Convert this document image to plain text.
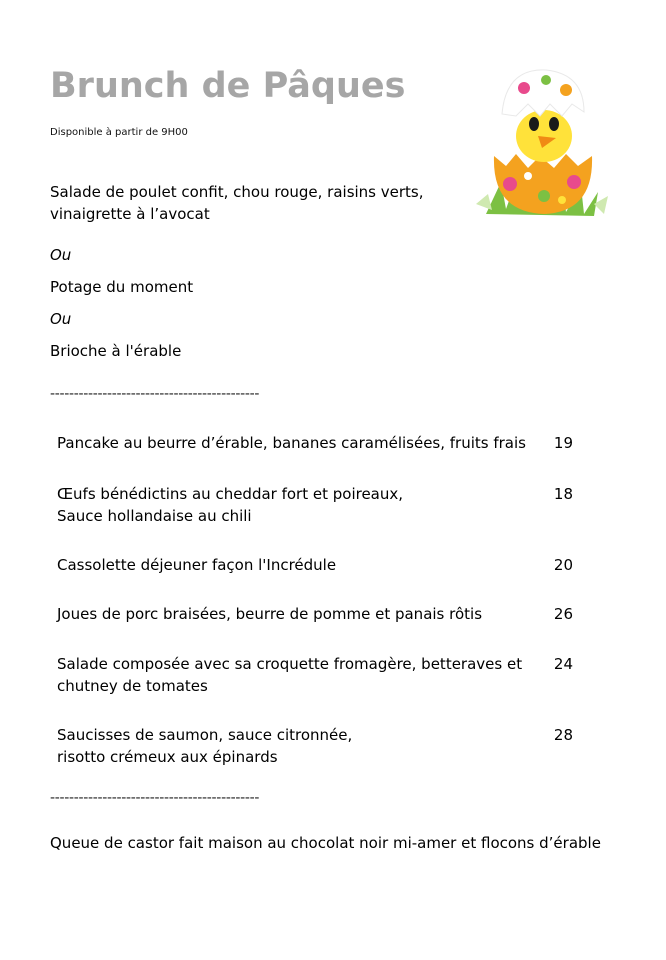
Brunch de Pâques
Disponible à partir de 9H00
Salade de poulet confit, chou rouge, raisins verts,
vinaigrette à l’avocat
Ou
Potage du moment
Ou
Brioche à l'érable
--------------------------------------------
Pancake au beurre d’érable, bananes caramélisées, fruits frais 19
Œufs bénédictins au cheddar fort et poireaux,
Sauce hollandaise au chili
18
Cassolette déjeuner façon l'Incrédule	20
Joues de porc braisées, beurre de pomme et panais rôtis	26
Salade composée avec sa croquette fromagère, betteraves et
chutney de tomates
24
Saucisses de saumon, sauce citronnée,
risotto crémeux aux épinards
28
--------------------------------------------
Queue de castor fait maison au chocolat noir mi-amer et flocons d’érable
